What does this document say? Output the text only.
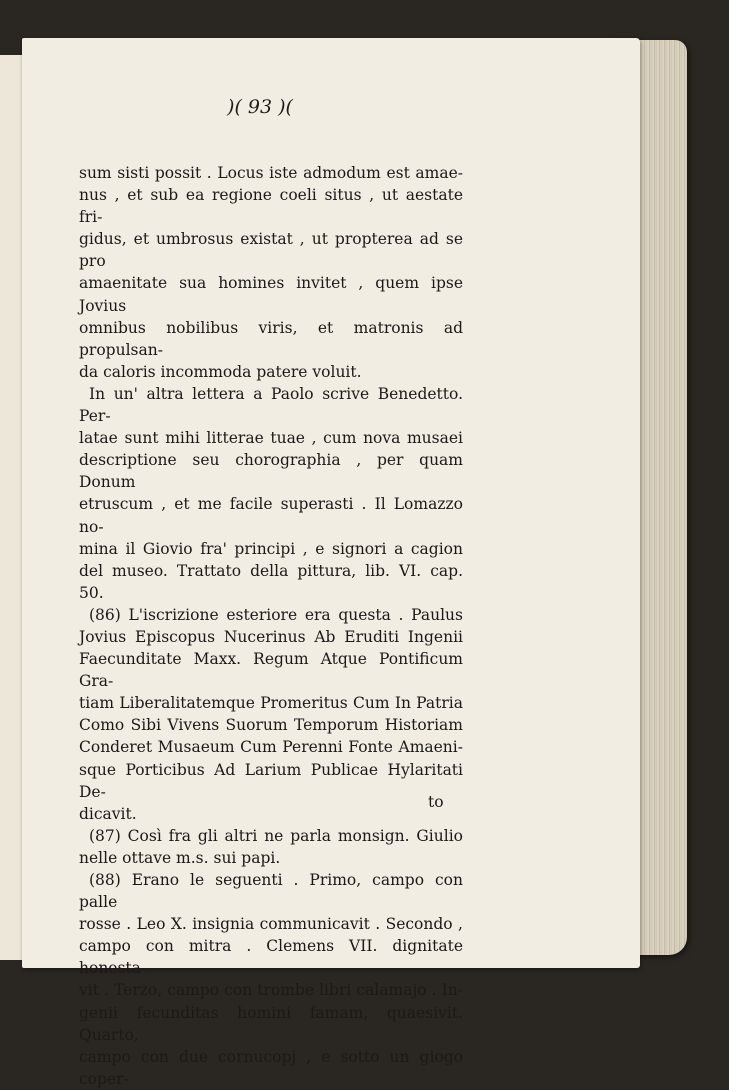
)( 93 )(

sum sisti possit . Locus iste admodum est amae-

nus , et sub ea regione coeli situs , ut aestate fri-

gidus, et umbrosus existat , ut propterea ad se pro

amaenitate sua homines invitet , quem ipse Jovius

omnibus nobilibus viris, et matronis ad propulsan-

da caloris incommoda patere voluit.

In un' altra lettera a Paolo scrive Benedetto. Per-

latae sunt mihi litterae tuae , cum nova musaei

descriptione seu chorographia , per quam Donum

etruscum , et me facile superasti . Il Lomazzo no-

mina il Giovio fra' principi , e signori a cagion

del museo. Trattato della pittura, lib. VI. cap. 50.

(86) L'iscrizione esteriore era questa . Paulus

Jovius Episcopus Nucerinus Ab Eruditi Ingenii

Faecunditate Maxx. Regum Atque Pontificum Gra-

tiam Liberalitatemque Promeritus Cum In Patria

Como Sibi Vivens Suorum Temporum Historiam

Conderet Musaeum Cum Perenni Fonte Amaeni-

sque Porticibus Ad Larium Publicae Hylaritati De-

dicavit.

(87) Così fra gli altri ne parla monsign. Giulio

nelle ottave m.s. sui papi.

(88) Erano le seguenti . Primo, campo con palle

rosse . Leo X. insignia communicavit . Secondo ,

campo con mitra . Clemens VII. dignitate honesta-

vit . Terzo, campo con trombe libri calamajo . In-

genii fecunditas homini famam, quaesivit. Quarto,

campo con due cornucopj , e sotto un giogo coper-

to
